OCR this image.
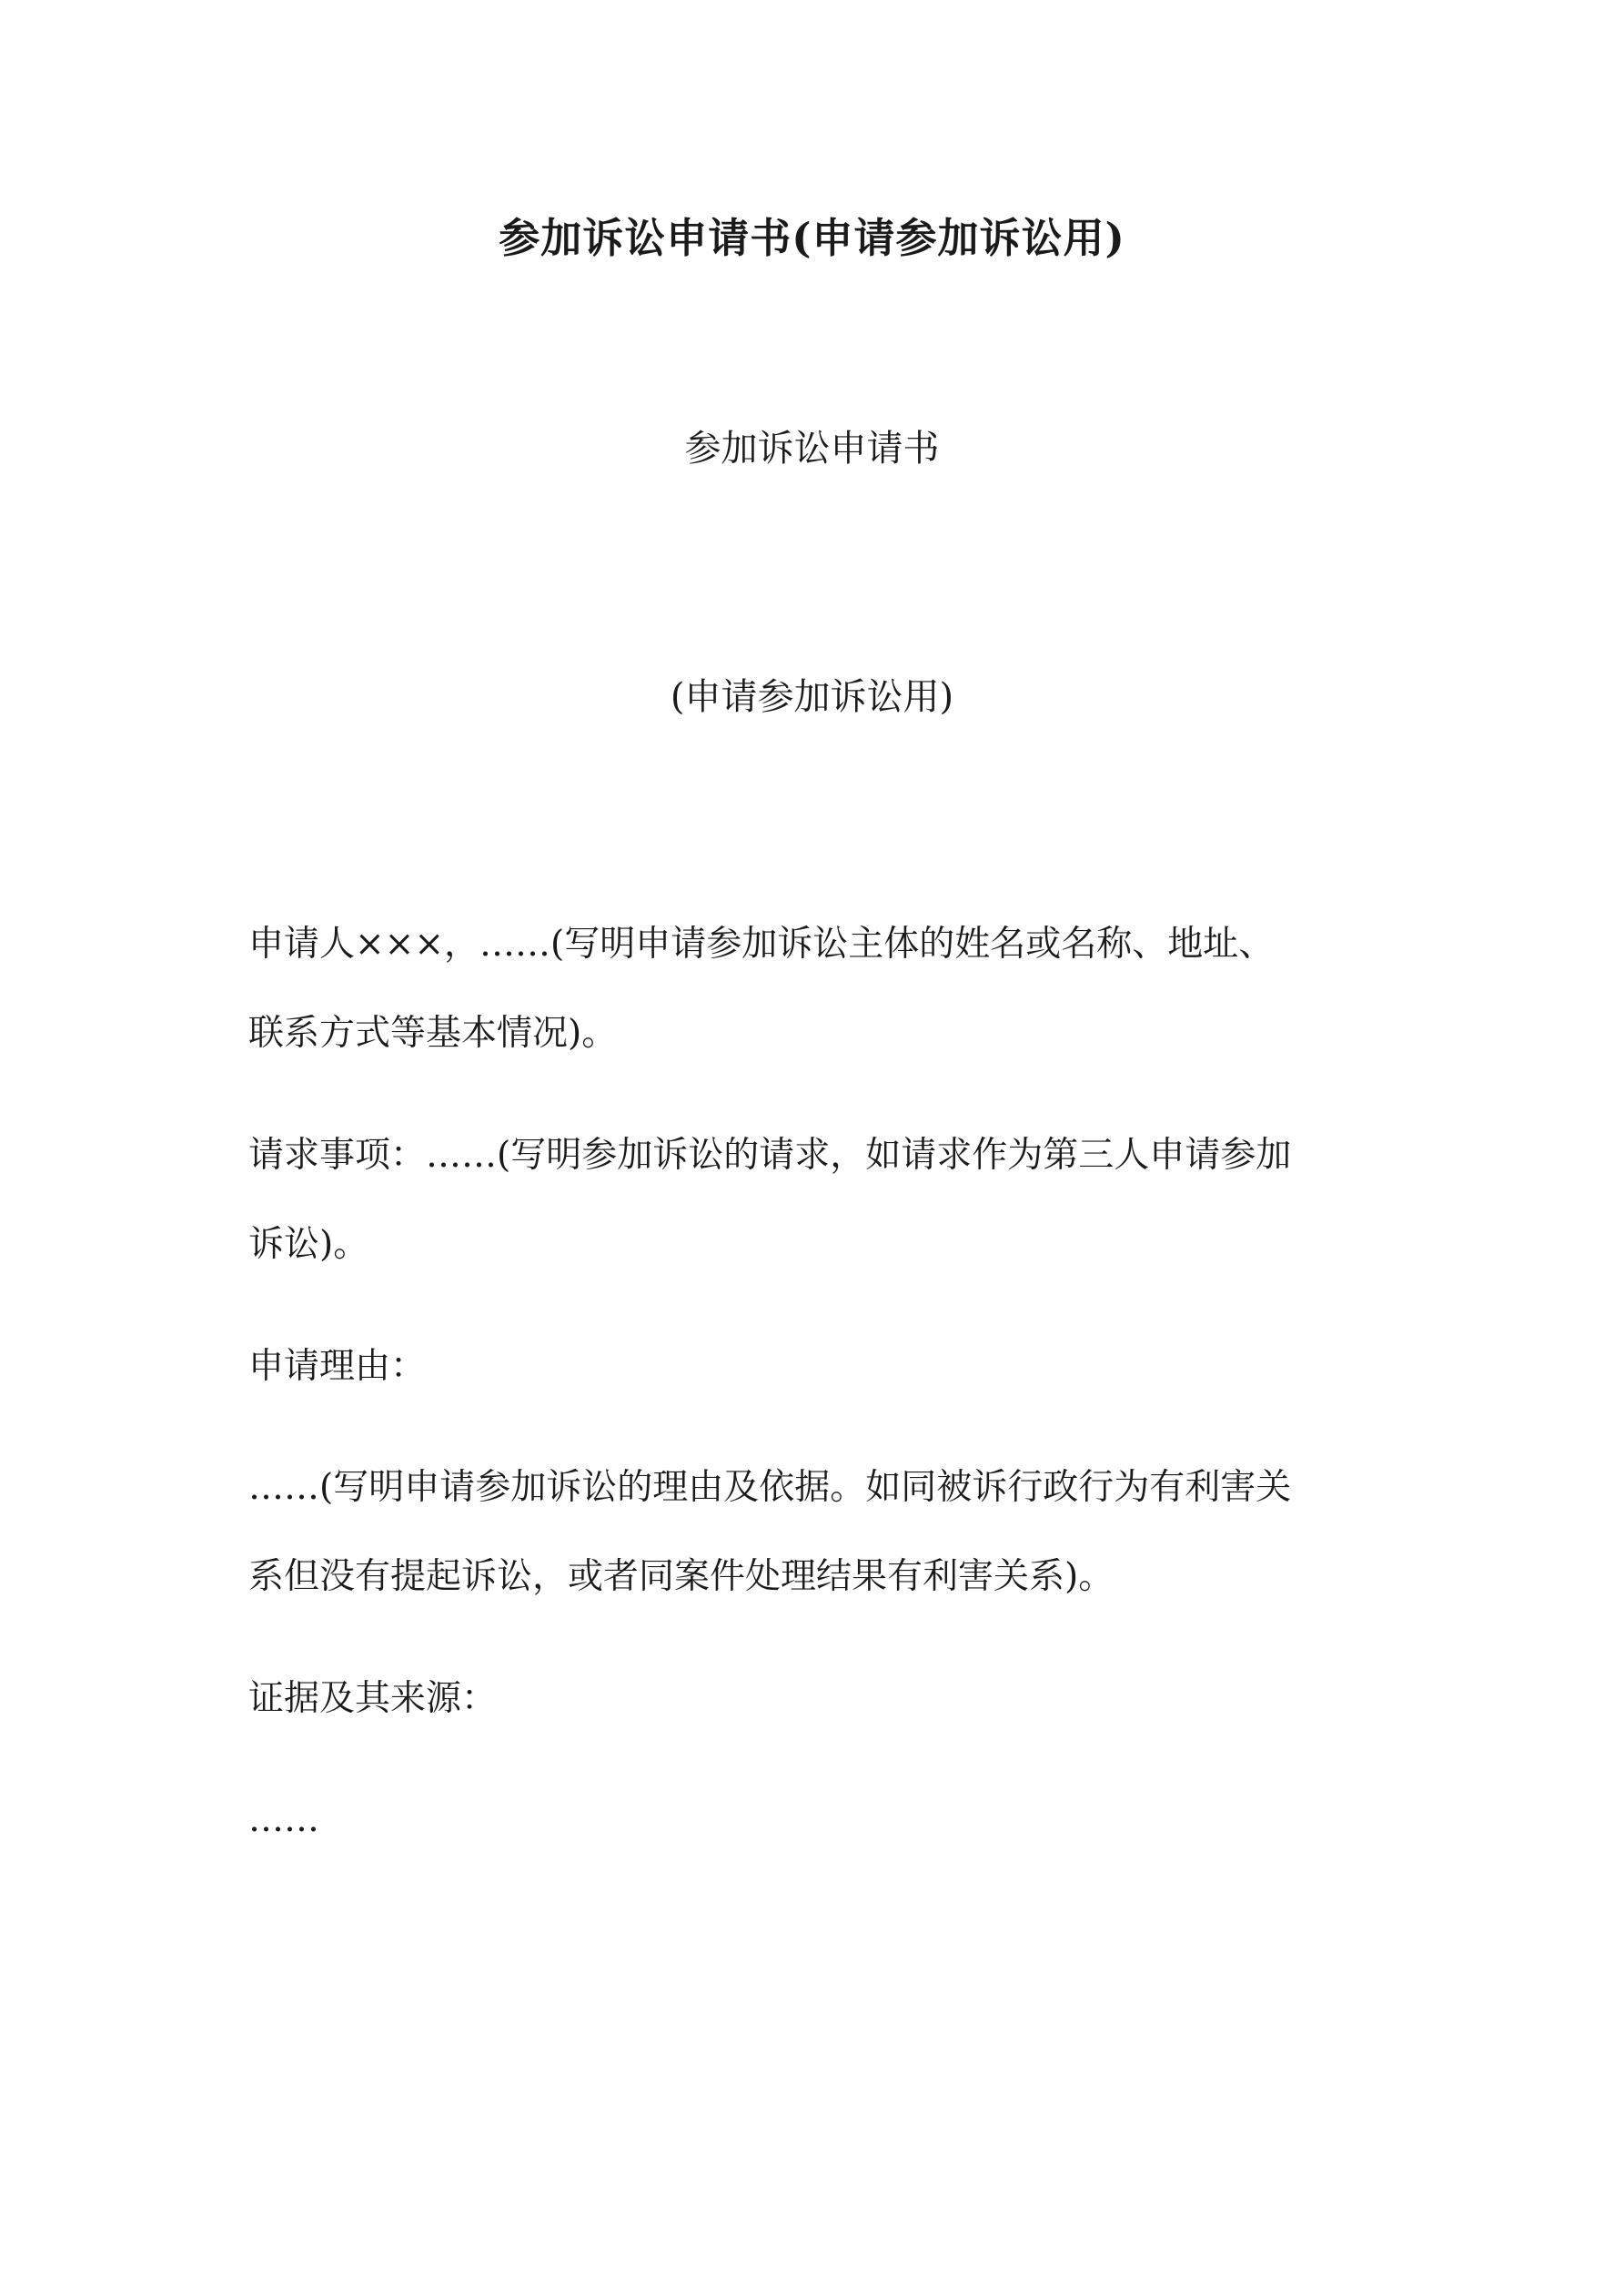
参加诉讼申请书(申请参加诉讼用)

参加诉讼申请书

(申请参加诉讼用)

申请人×××，……(写明申请参加诉讼主体的姓名或名称、地址、

联系方式等基本情况)。

请求事项：……(写明参加诉讼的请求，如请求作为第三人申请参加

诉讼)。

申请理由：

……(写明申请参加诉讼的理由及依据。如同被诉行政行为有利害关

系但没有提起诉讼，或者同案件处理结果有利害关系)。

证据及其来源：

……
